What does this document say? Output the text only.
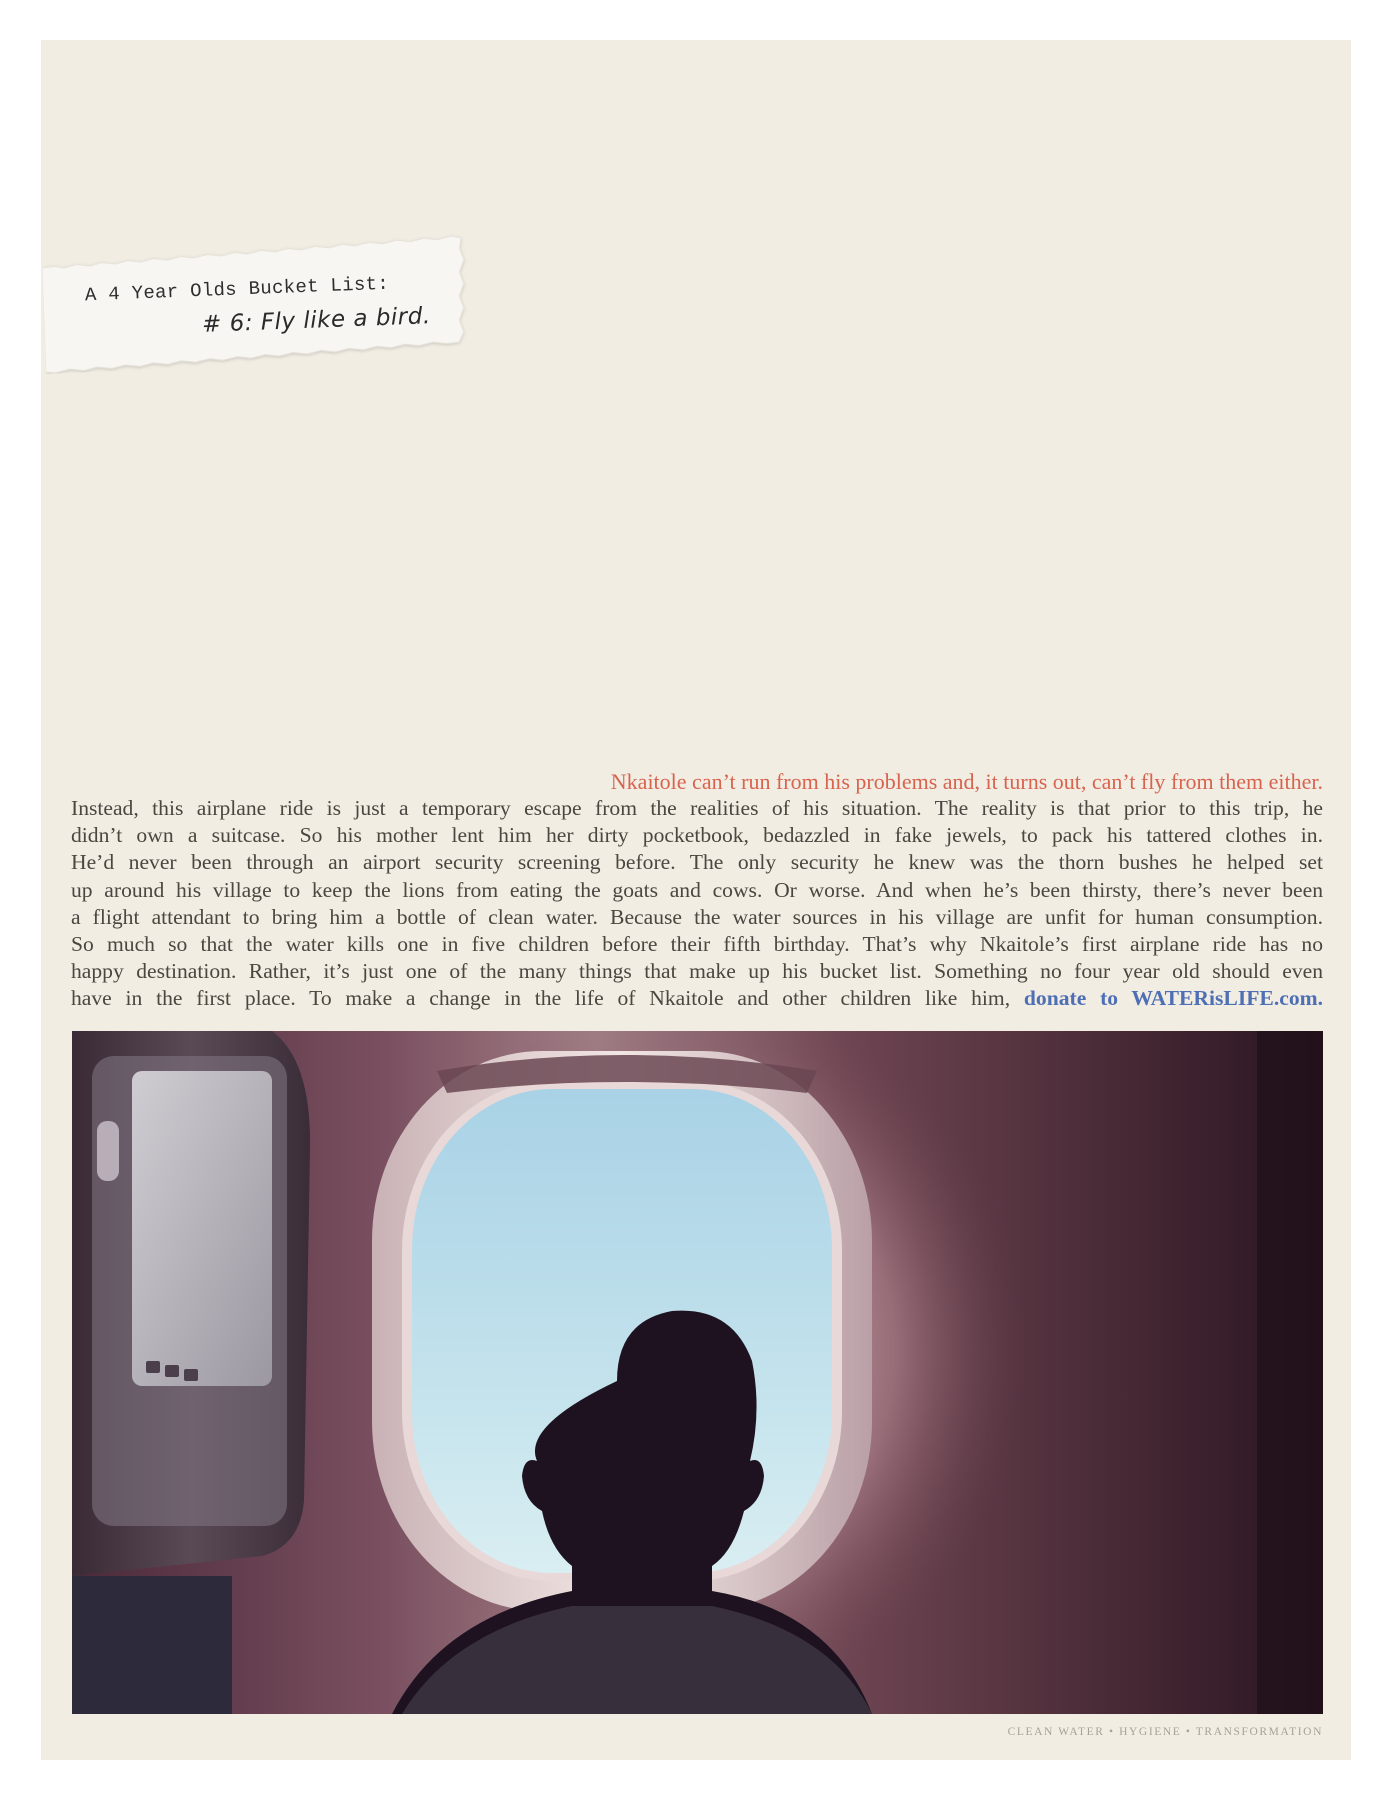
A 4 Year Olds Bucket List:
# 6: Fly like a bird.
Nkaitole can’t run from his problems and, it turns out, can’t fly from them either.
Instead, this airplane ride is just a temporary escape from the realities of his situation. The reality is that prior to this trip, he
didn’t own a suitcase. So his mother lent him her dirty pocketbook, bedazzled in fake jewels, to pack his tattered clothes in.
He’d never been through an airport security screening before. The only security he knew was the thorn bushes he helped set
up around his village to keep the lions from eating the goats and cows. Or worse. And when he’s been thirsty, there’s never been
a flight attendant to bring him a bottle of clean water. Because the water sources in his village are unfit for human consumption.
So much so that the water kills one in five children before their fifth birthday. That’s why Nkaitole’s first airplane ride has no
happy destination. Rather, it’s just one of the many things that make up his bucket list. Something no four year old should even
have in the first place. To make a change in the life of Nkaitole and other children like him, donate to WATERisLIFE.com.
CLEAN WATER • HYGIENE • TRANSFORMATION
